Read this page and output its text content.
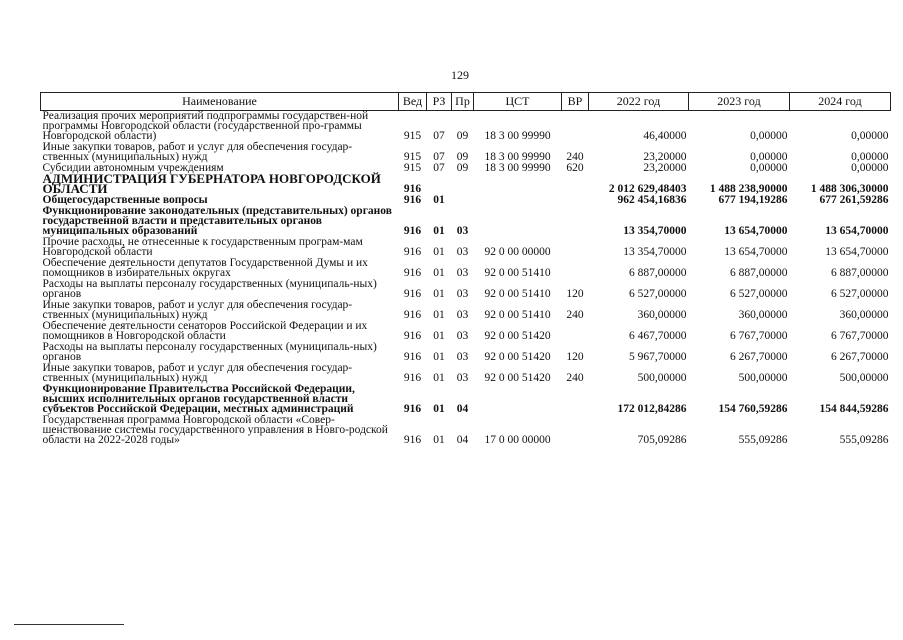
129
Наименование	Вед	РЗ	Пр	ЦСТ	ВР	2022 год	2023 год	2024 год
Реализация прочих мероприятий подпрограммы государствен-ной программы Новгородской области (государственной про-граммы Новгородской области)	915	07	09	18 3 00 99990		46,40000	0,00000	0,00000
Иные закупки товаров, работ и услуг для обеспечения государ-ственных (муниципальных) нужд	915	07	09	18 3 00 99990	240	23,20000	0,00000	0,00000
Субсидии автономным учреждениям	915	07	09	18 3 00 99990	620	23,20000	0,00000	0,00000
АДМИНИСТРАЦИЯ ГУБЕРНАТОРА НОВГОРОДСКОЙ ОБЛАСТИ	916					2 012 629,48403	1 488 238,90000	1 488 306,30000
Общегосударственные вопросы	916	01				962 454,16836	677 194,19286	677 261,59286
Функционирование законодательных (представительных) органов государственной власти и представительных органов муниципальных образований	916	01	03			13 354,70000	13 654,70000	13 654,70000
Прочие расходы, не отнесенные к государственным програм-мам Новгородской области	916	01	03	92 0 00 00000		13 354,70000	13 654,70000	13 654,70000
Обеспечение деятельности депутатов Государственной Думы и их помощников в избирательных округах	916	01	03	92 0 00 51410		6 887,00000	6 887,00000	6 887,00000
Расходы на выплаты персоналу государственных (муниципаль-ных) органов	916	01	03	92 0 00 51410	120	6 527,00000	6 527,00000	6 527,00000
Иные закупки товаров, работ и услуг для обеспечения государ-ственных (муниципальных) нужд	916	01	03	92 0 00 51410	240	360,00000	360,00000	360,00000
Обеспечение деятельности сенаторов Российской Федерации и их помощников в Новгородской области	916	01	03	92 0 00 51420		6 467,70000	6 767,70000	6 767,70000
Расходы на выплаты персоналу государственных (муниципаль-ных) органов	916	01	03	92 0 00 51420	120	5 967,70000	6 267,70000	6 267,70000
Иные закупки товаров, работ и услуг для обеспечения государ-ственных (муниципальных) нужд	916	01	03	92 0 00 51420	240	500,00000	500,00000	500,00000
Функционирование Правительства Российской Федерации, высших исполнительных органов государственной власти субъектов Российской Федерации, местных администраций	916	01	04			172 012,84286	154 760,59286	154 844,59286
Государственная программа Новгородской области «Совер-шенствование системы государственного управления в Новго-родской области на 2022-2028 годы»	916	01	04	17 0 00 00000		705,09286	555,09286	555,09286
